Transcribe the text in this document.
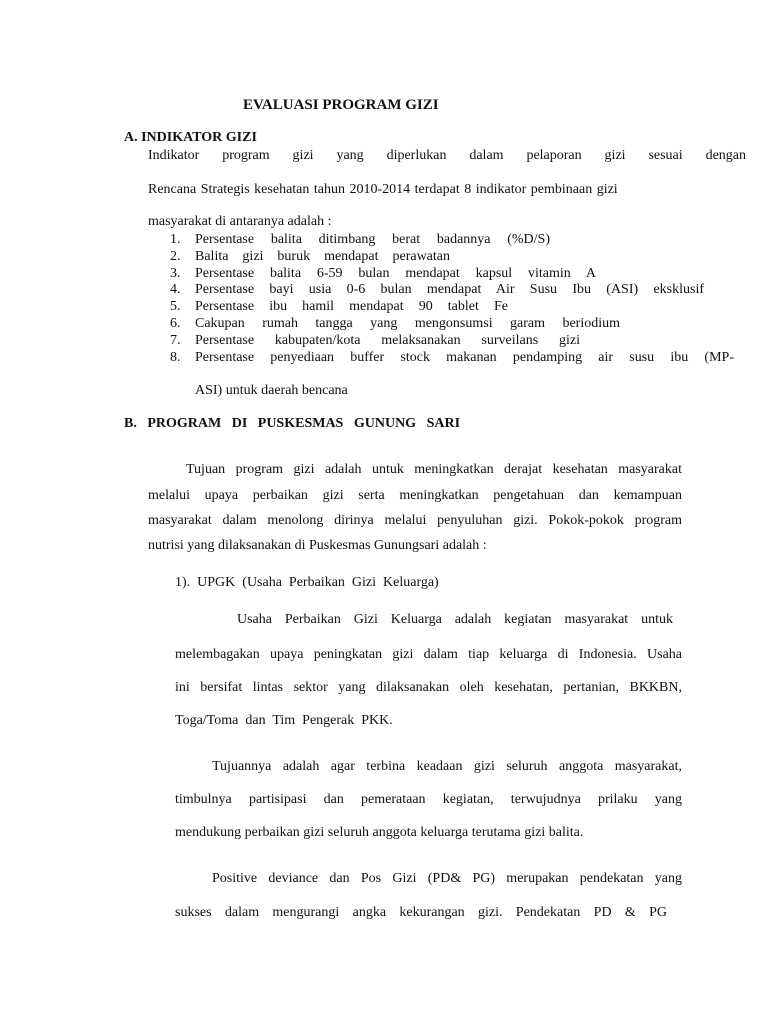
EVALUASI PROGRAM GIZI
A. INDIKATOR GIZI
Indikator program gizi yang diperlukan dalam pelaporan gizi sesuai dengan
Rencana Strategis kesehatan tahun 2010-2014 terdapat 8 indikator pembinaan gizi
masyarakat di antaranya adalah :
1.	Persentase balita ditimbang berat badannya (%D/S)
2.	Balita gizi buruk mendapat perawatan
3.	Persentase balita 6-59 bulan mendapat kapsul vitamin A
4.	Persentase bayi usia 0-6 bulan mendapat Air Susu Ibu (ASI) eksklusif
5.	Persentase ibu hamil mendapat 90 tablet Fe
6.	Cakupan rumah tangga yang mengonsumsi garam beriodium
7.	Persentase kabupaten/kota melaksanakan surveilans gizi
8.	Persentase penyediaan buffer stock makanan pendamping air susu ibu (MP-
ASI) untuk daerah bencana
B.   PROGRAM   DI   PUSKESMAS   GUNUNG   SARI
Tujuan program gizi adalah untuk meningkatkan derajat kesehatan masyarakat
melalui upaya perbaikan gizi serta meningkatkan pengetahuan dan kemampuan
masyarakat dalam menolong dirinya melalui penyuluhan gizi. Pokok-pokok program
nutrisi yang dilaksanakan di Puskesmas Gunungsari adalah :
1).  UPGK  (Usaha  Perbaikan  Gizi  Keluarga)
Usaha Perbaikan Gizi Keluarga adalah kegiatan masyarakat untuk
melembagakan upaya peningkatan gizi dalam tiap keluarga di Indonesia. Usaha
ini bersifat lintas sektor yang dilaksanakan oleh kesehatan, pertanian, BKKBN,
Toga/Toma  dan  Tim  Pengerak  PKK.
Tujuannya adalah agar terbina keadaan gizi seluruh anggota masyarakat,
timbulnya partisipasi dan pemerataan kegiatan, terwujudnya prilaku yang
mendukung perbaikan gizi seluruh anggota keluarga terutama gizi balita.
Positive deviance dan Pos Gizi (PD& PG) merupakan pendekatan yang
sukses dalam mengurangi angka kekurangan gizi. Pendekatan PD & PG
